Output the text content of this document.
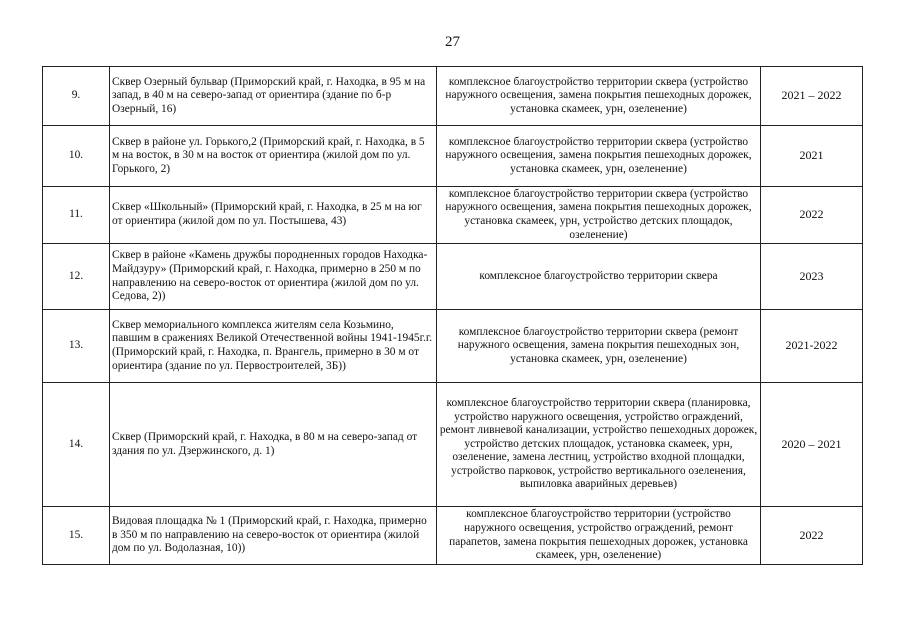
27
9.	Сквер Озерный бульвар (Приморский край, г. Находка, в 95 м на запад, в 40 м на северо-запад от ориентира (здание по б-р Озерный, 16)	комплексное благоустройство территории сквера (устройство наружного освещения, замена покрытия пешеходных дорожек, установка скамеек, урн, озеленение)	2021 – 2022
10.	Сквер в районе ул. Горького,2 (Приморский край, г. Находка, в 5 м на восток, в 30 м на восток от ориентира (жилой дом по ул. Горького, 2)	комплексное благоустройство территории сквера (устройство наружного освещения, замена покрытия пешеходных дорожек, установка скамеек, урн, озеленение)	2021
11.	Сквер «Школьный» (Приморский край, г. Находка, в 25 м на юг от ориентира (жилой дом по ул. Постышева, 43)	комплексное благоустройство территории сквера (устройство наружного освещения, замена покрытия пешеходных дорожек, установка скамеек, урн, устройство детских площадок, озеленение)	2022
12.	Сквер в районе «Камень дружбы породненных городов Находка-Майдзуру» (Приморский край, г. Находка, примерно в 250 м по направлению на северо-восток от ориентира (жилой дом по ул. Седова, 2))	комплексное благоустройство территории сквера	2023
13.	Сквер мемориального комплекса жителям села Козьмино, павшим в сражениях Великой Отечественной войны 1941-1945г.г. (Приморский край, г. Находка, п. Врангель, примерно в 30 м от ориентира (здание по ул. Первостроителей, 3Б))	комплексное благоустройство территории сквера (ремонт наружного освещения, замена покрытия пешеходных зон, установка скамеек, урн, озеленение)	2021-2022
14.	Сквер (Приморский край, г. Находка, в 80 м на северо-запад от здания по ул. Дзержинского, д. 1)	комплексное благоустройство территории сквера (планировка, устройство наружного освещения, устройство ограждений, ремонт ливневой канализации, устройство пешеходных дорожек, устройство детских площадок, установка скамеек, урн, озеленение, замена лестниц, устройство входной площадки, устройство парковок, устройство вертикального озеленения, выпиловка аварийных деревьев)	2020 – 2021
15.	Видовая площадка № 1 (Приморский край, г. Находка, примерно в 350 м по направлению на северо-восток от ориентира (жилой дом по ул. Водолазная, 10))	комплексное благоустройство территории (устройство наружного освещения, устройство ограждений, ремонт парапетов, замена покрытия пешеходных дорожек, установка скамеек, урн, озеленение)	2022
